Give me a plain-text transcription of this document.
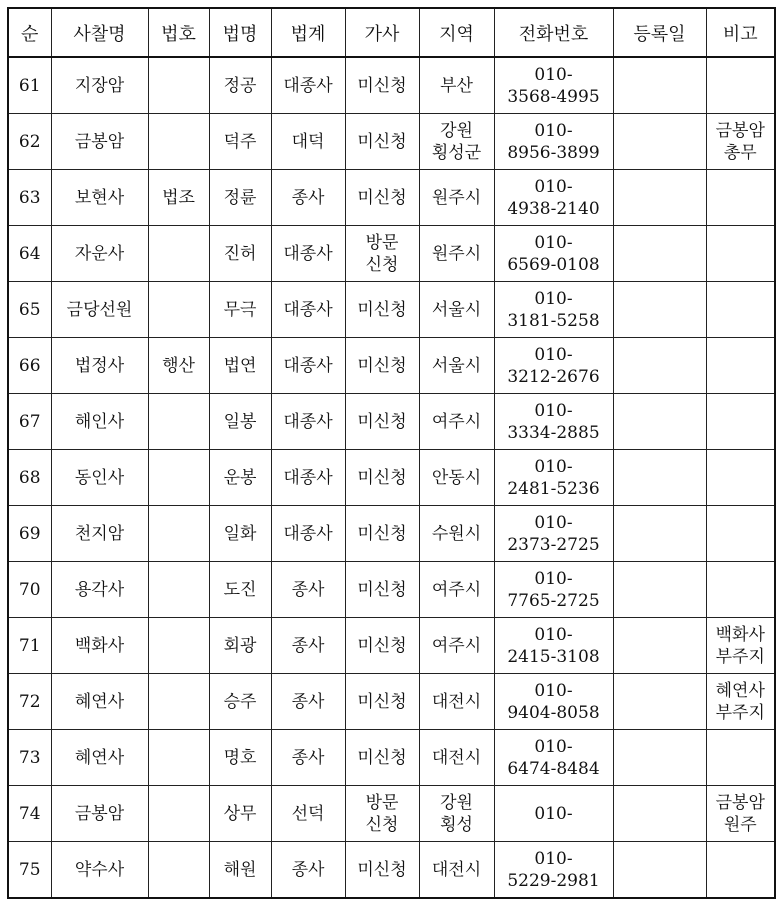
순	사찰명	법호	법명	법계	가사	지역	전화번호	등록일	비고
61	지장암		정공	대종사	미신청	부산	010-
3568-4995		

62	금봉암		덕주	대덕	미신청	강원
횡성군	010-
8956-3899		금봉암
총무

63	보현사	법조	정륜	종사	미신청	원주시	010-
4938-2140		

64	자운사		진허	대종사	방문
신청	원주시	010-
6569-0108		

65	금당선원		무극	대종사	미신청	서울시	010-
3181-5258		

66	법정사	행산	법연	대종사	미신청	서울시	010-
3212-2676		

67	해인사		일봉	대종사	미신청	여주시	010-
3334-2885		

68	동인사		운봉	대종사	미신청	안동시	010-
2481-5236		

69	천지암		일화	대종사	미신청	수원시	010-
2373-2725		

70	용각사		도진	종사	미신청	여주시	010-
7765-2725		

71	백화사		회광	종사	미신청	여주시	010-
2415-3108		백화사
부주지

72	혜연사		승주	종사	미신청	대전시	010-
9404-8058		혜연사
부주지

73	혜연사		명호	종사	미신청	대전시	010-
6474-8484		

74	금봉암		상무	선덕	방문
신청	강원
횡성	010-		금봉암
원주

75	약수사		해원	종사	미신청	대전시	010-
5229-2981		
